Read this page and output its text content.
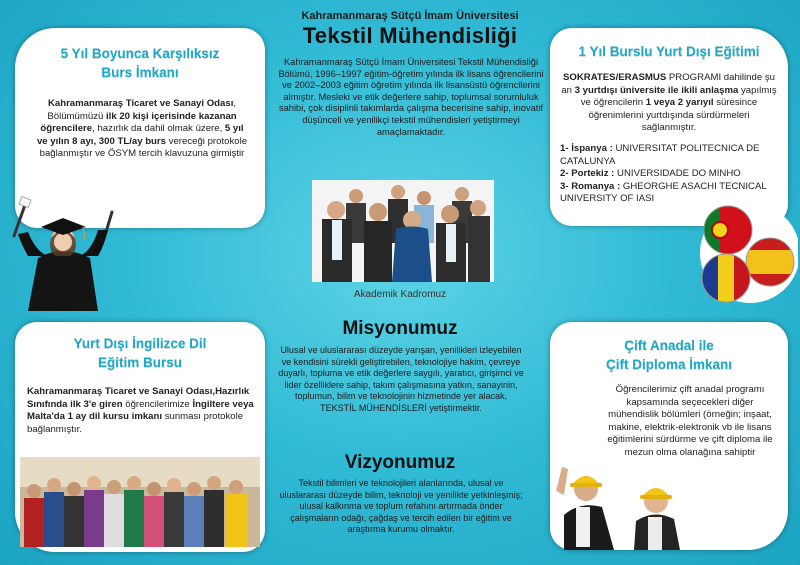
5 Yıl Boyunca Karşılıksız
Burs İmkanı
Kahramanmaraş Ticaret ve Sanayi Odası, Bölümümüzü ilk 20 kişi içerisinde kazanan öğrencilere, hazırlık da dahil olmak üzere, 5 yıl ve yılın 8 ayı, 300 TL/ay burs vereceği protokole bağlanmıştır ve ÖSYM tercih klavuzuna girmiştir
1 Yıl Burslu Yurt Dışı Eğitimi
SOKRATES/ERASMUS PROGRAMI dahilinde şu an 3 yurtdışı üniversite ile ikili anlaşma yapılmış ve öğrencilerin 1 veya 2 yarıyıl süresince öğrenimlerini yurtdışında sürdürmeleri sağlanmıştır.
1- İspanya : UNIVERSITAT POLITECNICA DE CATALUNYA
2- Portekiz : UNIVERSIDADE DO MINHO
3- Romanya : GHEORGHE ASACHI TECNICAL UNIVERSITY OF IASI
Yurt Dışı İngilizce Dil
Eğitim Bursu
Kahramanmaraş Ticaret ve Sanayi Odası,Hazırlık Sınıfında ilk 3'e giren öğrencilerimize İngiltere veya Malta'da 1 ay dil kursu imkanı sunması protokole bağlanmıştır.
Çift Anadal ile
Çift Diploma İmkanı
Öğrencilerimiz çift anadal programı kapsamında seçecekleri diğer mühendislik bölümleri (örneğin; inşaat, makine, elektrik-elektronik vb ile lisans eğitimlerini sürdürme ve çift diploma ile mezun olma olanağına sahiptir
Kahramanmaraş Sütçü İmam Üniversitesi
Tekstil Mühendisliği
Kahramanmaraş Sütçü İmam Üniversitesi Tekstil Mühendisliği Bölümü, 1996–1997 eğitim-öğretim yılında ilk lisans öğrencilerini ve 2002–2003 eğitim öğretim yılında ilk lisansüstü öğrencilerini almıştır. Mesleki ve etik değerlere sahip, toplumsal sorumluluk sahibi, çok disiplinli takımlarda çalışma becerisine sahip, inovatif düşünceli ve yenilikçi tekstil mühendisleri yetiştirmeyi amaçlamaktadır.
Akademik Kadromuz
Misyonumuz
Ulusal ve uluslararası düzeyde yarışan, yenilikleri izleyebilen ve kendisini sürekli geliştirebilen, teknolojiye hakim, çevreye duyarlı, topluma ve etik değerlere saygılı, yaratıcı, girişimci ve lider özelliklere sahip, takım çalışmasına yatkın, sanayinin, toplumun, bilim ve teknolojinin hizmetinde yer alacak, TEKSTİL MÜHENDİSLERİ yetiştirmektir.
Vizyonumuz
Tekstil bilimleri ve teknolojileri alanlarında, ulusal ve uluslararası düzeyde bilim, teknoloji ve yenilikte yetkinleşmiş; ulusal kalkınma ve toplum refahını artırmada önder çalışmaların odağı, çağdaş ve tercih edilen bir eğitim ve araştırma kurumu olmaktır.
